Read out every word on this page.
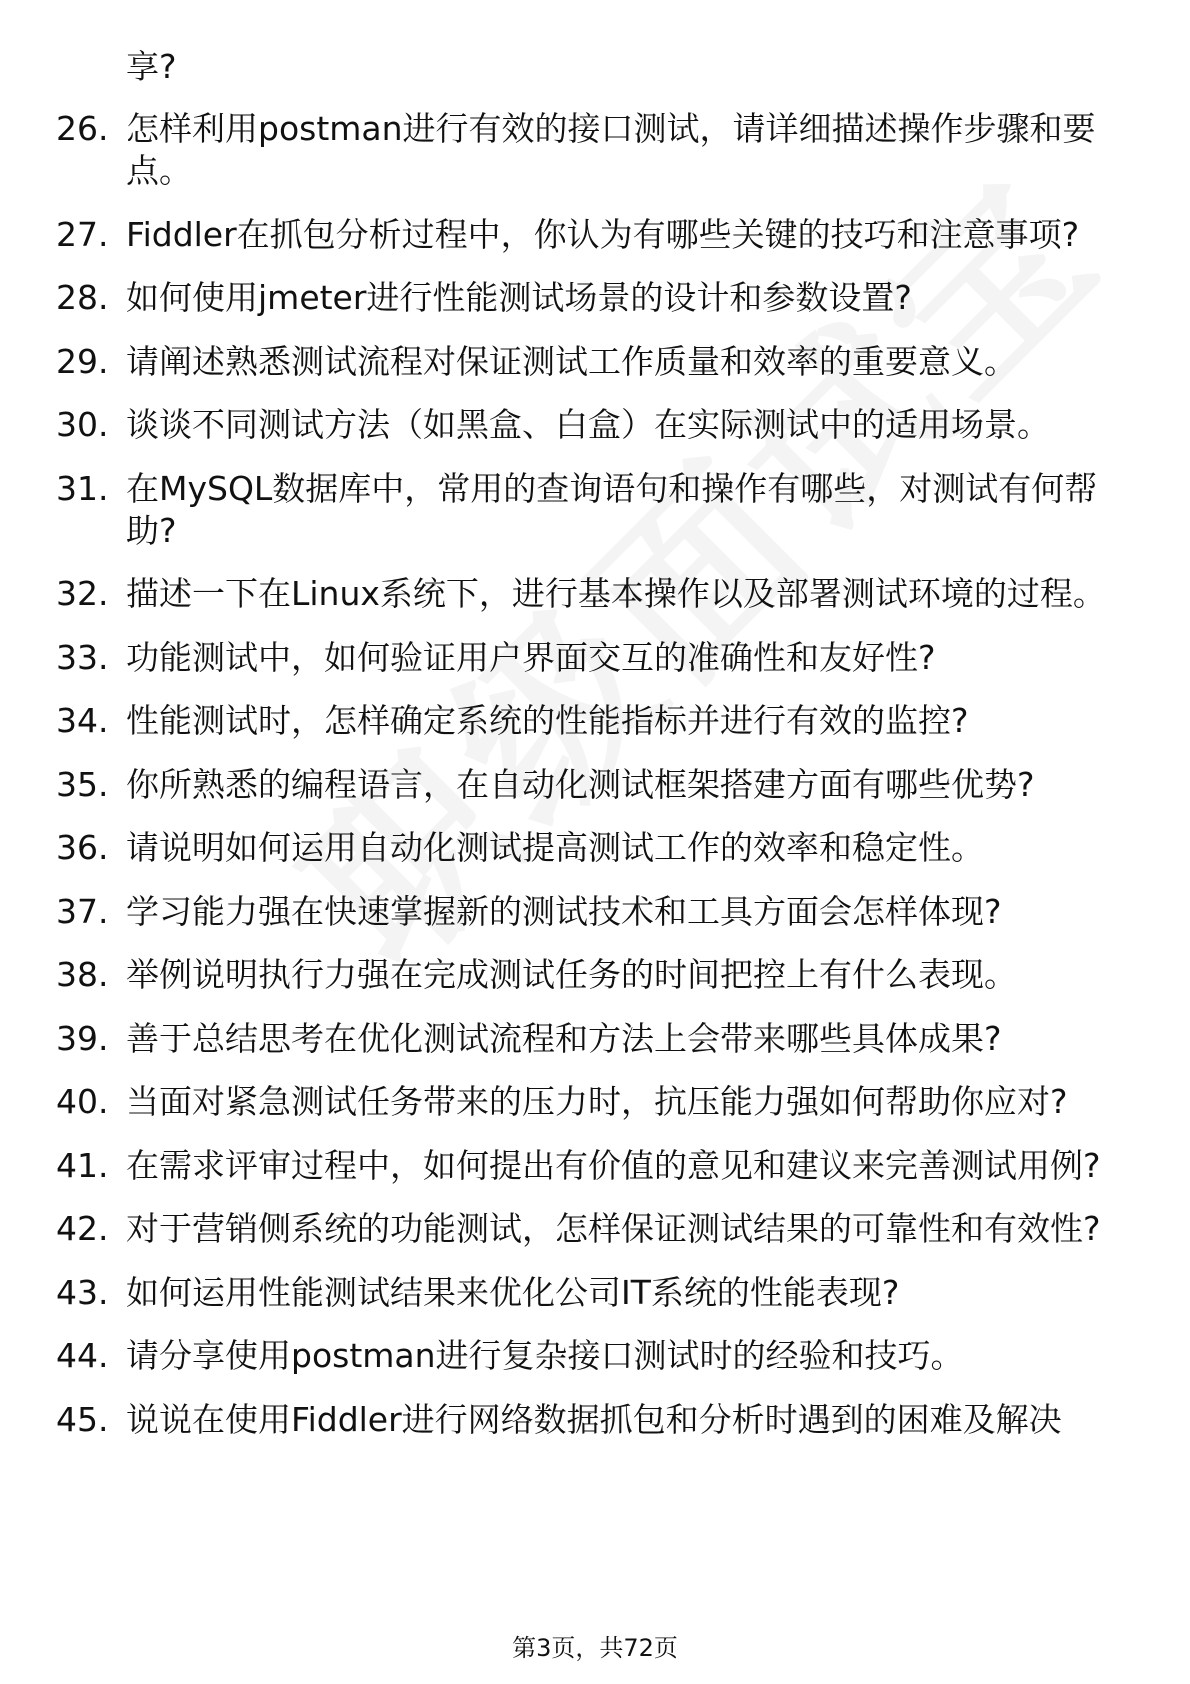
享?
26. 怎样利用postman进行有效的接口测试，请详细描述操作步骤和要点。
27. Fiddler在抓包分析过程中，你认为有哪些关键的技巧和注意事项?
28. 如何使用jmeter进行性能测试场景的设计和参数设置?
29. 请阐述熟悉测试流程对保证测试工作质量和效率的重要意义。
30. 谈谈不同测试方法（如黑盒、白盒）在实际测试中的适用场景。
31. 在MySQL数据库中，常用的查询语句和操作有哪些，对测试有何帮助?
32. 描述一下在Linux系统下，进行基本操作以及部署测试环境的过程。
33. 功能测试中，如何验证用户界面交互的准确性和友好性?
34. 性能测试时，怎样确定系统的性能指标并进行有效的监控?
35. 你所熟悉的编程语言，在自动化测试框架搭建方面有哪些优势?
36. 请说明如何运用自动化测试提高测试工作的效率和稳定性。
37. 学习能力强在快速掌握新的测试技术和工具方面会怎样体现?
38. 举例说明执行力强在完成测试任务的时间把控上有什么表现。
39. 善于总结思考在优化测试流程和方法上会带来哪些具体成果?
40. 当面对紧急测试任务带来的压力时，抗压能力强如何帮助你应对?
41. 在需求评审过程中，如何提出有价值的意见和建议来完善测试用例?
42. 对于营销侧系统的功能测试，怎样保证测试结果的可靠性和有效性?
43. 如何运用性能测试结果来优化公司IT系统的性能表现?
44. 请分享使用postman进行复杂接口测试时的经验和技巧。
45. 说说在使用Fiddler进行网络数据抓包和分析时遇到的困难及解决
第3页，共72页
